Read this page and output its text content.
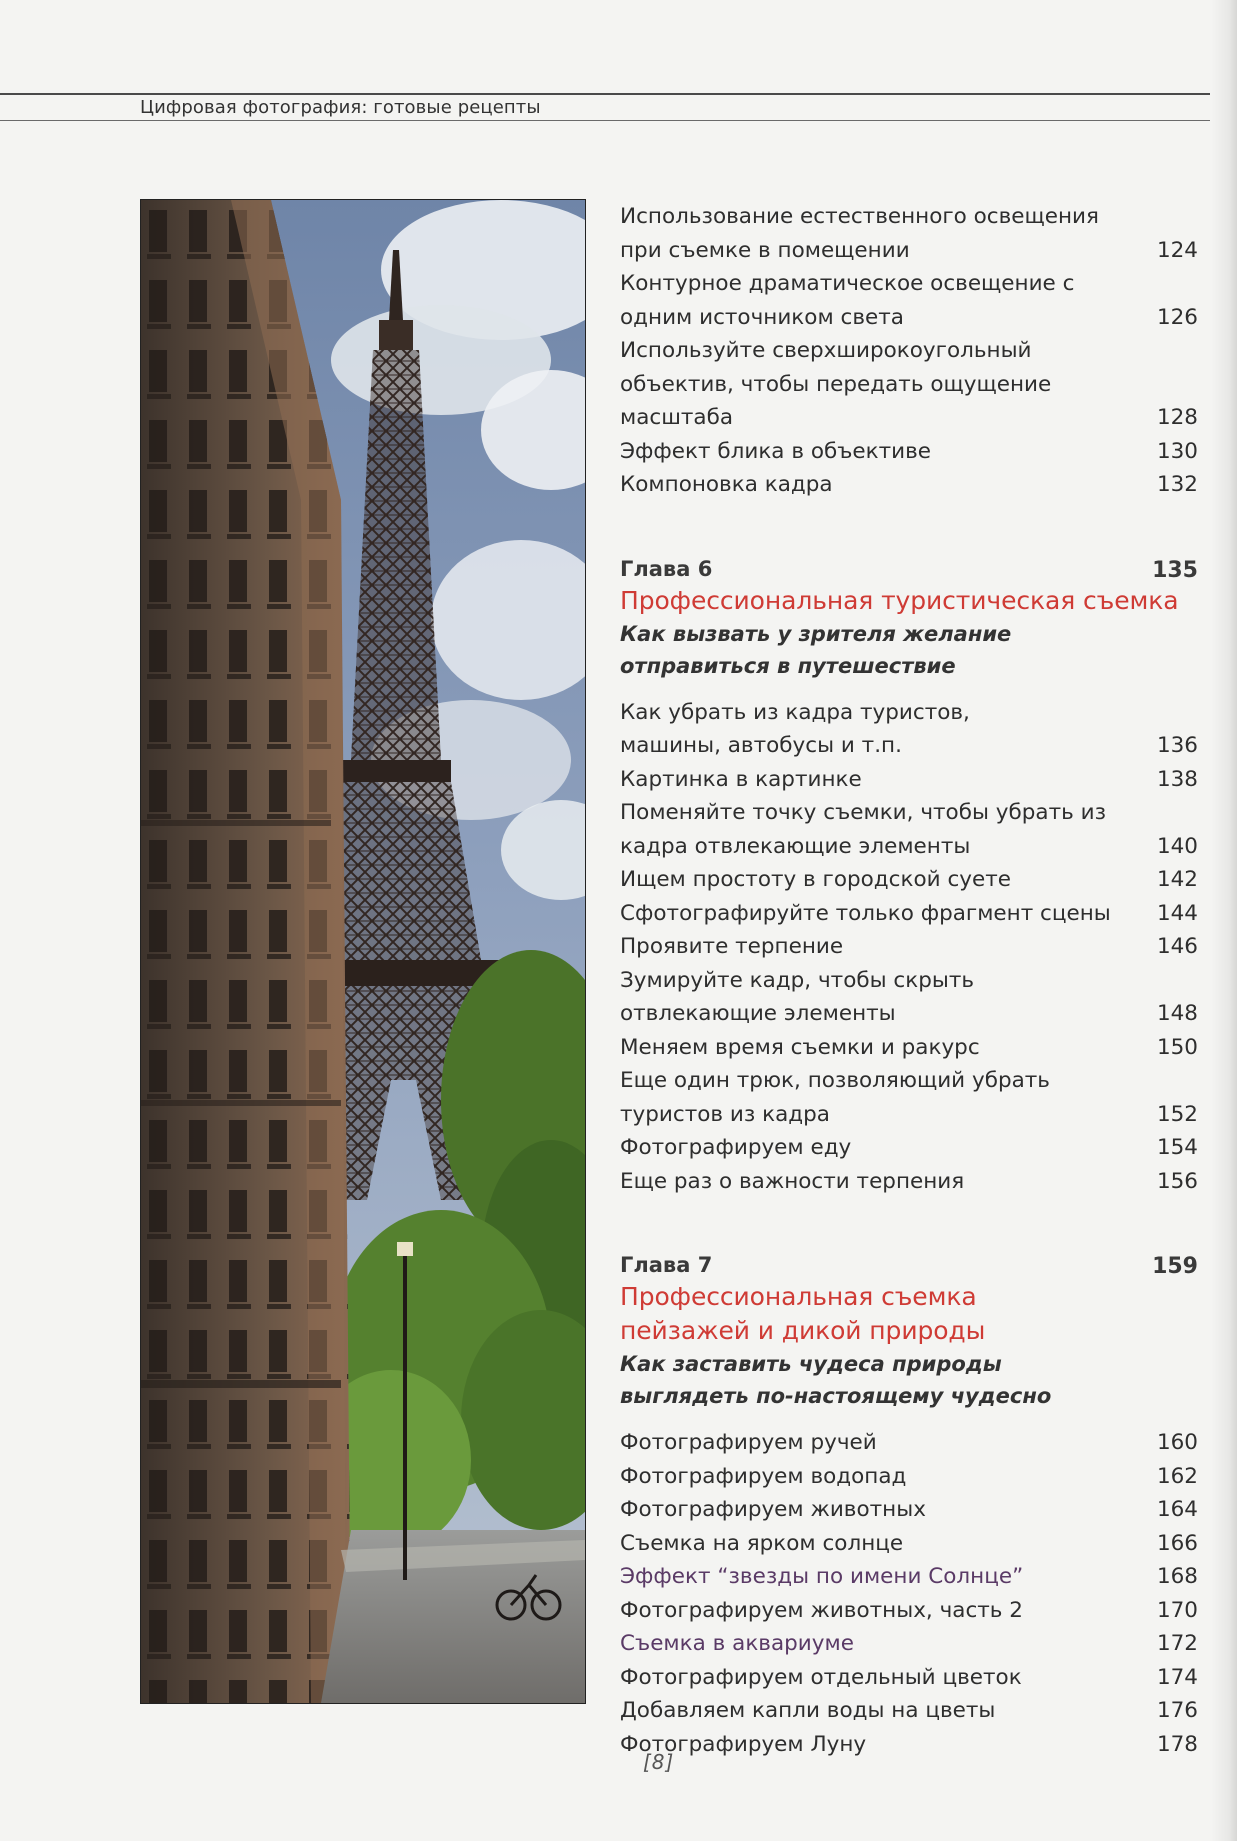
Цифровая фотография: готовые рецепты
Использование естественного освещения при съемке в помещении	124
Контурное драматическое освещение с одним источником света	126
Используйте сверхширокоугольный объектив, чтобы передать ощущение масштаба	128
Эффект блика в объективе	130
Компоновка кадра	132
Глава 6	135
Профессиональная туристическая съемка
Как вызвать у зрителя желание отправиться в путешествие
Как убрать из кадра туристов, машины, автобусы и т.п.	136
Картинка в картинке	138
Поменяйте точку съемки, чтобы убрать из кадра отвлекающие элементы	140
Ищем простоту в городской суете	142
Сфотографируйте только фрагмент сцены	144
Проявите терпение	146
Зумируйте кадр, чтобы скрыть отвлекающие элементы	148
Меняем время съемки и ракурс	150
Еще один трюк, позволяющий убрать туристов из кадра	152
Фотографируем еду	154
Еще раз о важности терпения	156
Глава 7	159
Профессиональная съемка
пейзажей и дикой природы
Как заставить чудеса природы выглядеть по-настоящему чудесно
Фотографируем ручей	160
Фотографируем водопад	162
Фотографируем животных	164
Съемка на ярком солнце	166
Эффект “звезды по имени Солнце”	168
Фотографируем животных, часть 2	170
Съемка в аквариуме	172
Фотографируем отдельный цветок	174
Добавляем капли воды на цветы	176
Фотографируем Луну	178
[8]
